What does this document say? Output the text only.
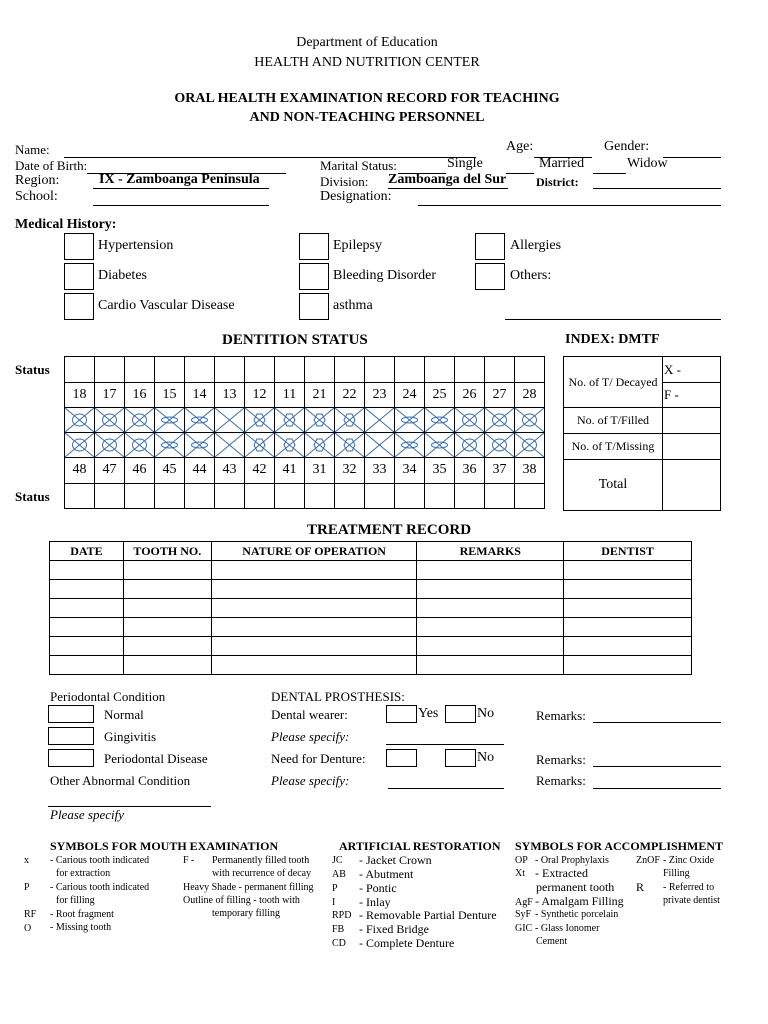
Department of Education
HEALTH AND NUTRITION CENTER
ORAL HEALTH EXAMINATION RECORD FOR TEACHING
AND NON-TEACHING PERSONNEL
Name:	Age:	Gender:
Date of Birth:	Marital Status:	Single	Married	Widow
Region:	IX - Zamboanga Peninsula	Division: Zamboanga del Sur District:
School:	Designation:
Medical History:
Hypertension	Epilepsy	Allergies
Diabetes	Bleeding Disorder	Others:
Cardio Vascular Disease	asthma
DENTITION STATUS	INDEX: DMTF
Status
Status

18	17	16	15	14	13	12	11	21	22	23	24	25	26	27	28

48	47	46	45	44	43	42	41	31	32	33	34	35	36	37	38

No. of T/ Decayed	X -
	F -
No. of T/Filled	
No. of T/Missing	
Total	
TREATMENT RECORD
DATE	TOOTH NO.	NATURE OF OPERATION	REMARKS	DENTIST

Periodontal Condition
Normal
Gingivitis
Periodontal Disease
Other Abnormal Condition
Please specify
DENTAL PROSTHESIS:
Dental wearer:	Yes	No
Please specify:
Need for Denture:	No
Please specify:
Remarks:
Remarks:
Remarks:
SYMBOLS FOR MOUTH EXAMINATION
x - Carious tooth indicated
for extraction
P - Carious tooth indicated
for filling
RF - Root fragment
O - Missing tooth
F - Permanently filled tooth
with recurrence of decay
Heavy Shade - permanent filling
Outline of filling - tooth with
temporary filling
ARTIFICIAL RESTORATION
JC - Jacket Crown
AB - Abutment
P - Pontic
I - Inlay
RPD - Removable Partial Denture
FB - Fixed Bridge
CD - Complete Denture
SYMBOLS FOR ACCOMPLISHMENT
OP - Oral Prophylaxis
Xt - Extracted
permanent tooth
AgF - Amalgam Filling
SyF - Synthetic porcelain
GIC - Glass Ionomer
Cement
ZnOF - Zinc Oxide
Filling
R - Referred to
private dentist
